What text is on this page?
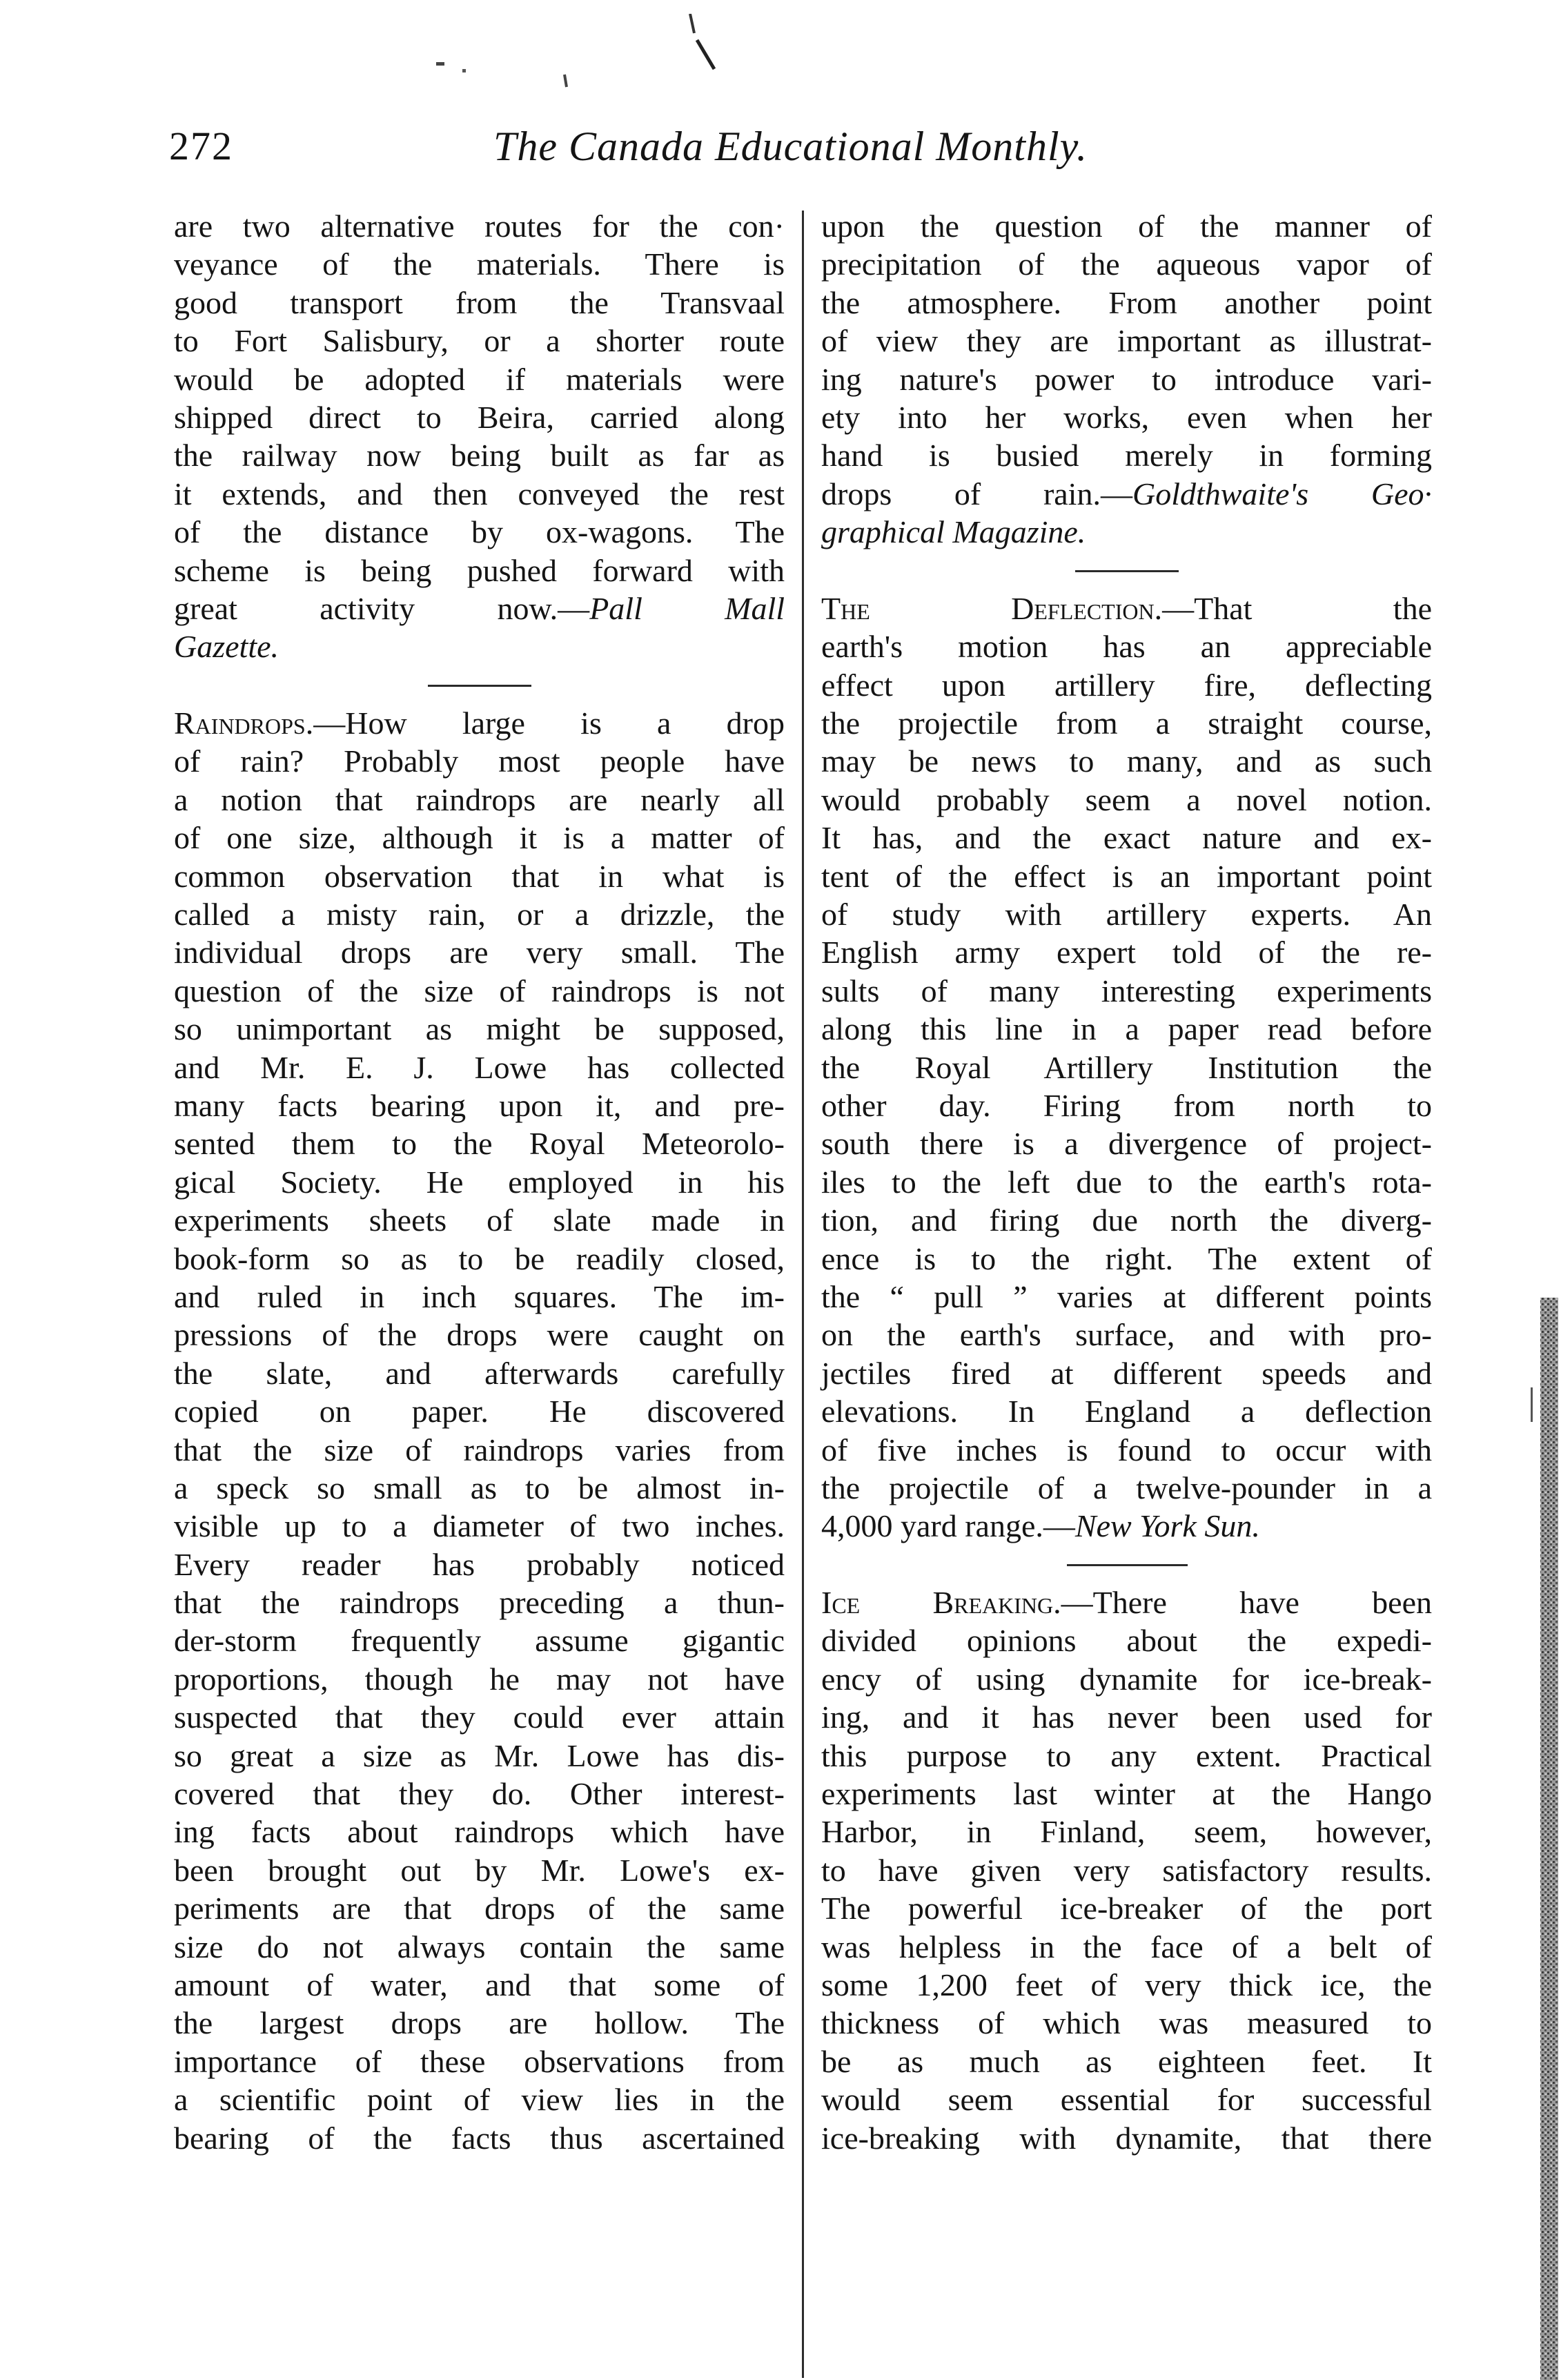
272	The Canada Educational Monthly.
are two alternative routes for the con·
veyance of the materials. There is
good transport from the Transvaal
to Fort Salisbury, or a shorter route
would be adopted if materials were
shipped direct to Beira, carried along
the railway now being built as far as
it extends, and then conveyed the rest
of the distance by ox-wagons. The
scheme is being pushed forward with
great activity now.—Pall Mall
Gazette.
Raindrops.—How large is a drop
of rain? Probably most people have
a notion that raindrops are nearly all
of one size, although it is a matter of
common observation that in what is
called a misty rain, or a drizzle, the
individual drops are very small. The
question of the size of raindrops is not
so unimportant as might be supposed,
and Mr. E. J. Lowe has collected
many facts bearing upon it, and pre-
sented them to the Royal Meteorolo-
gical Society. He employed in his
experiments sheets of slate made in
book-form so as to be readily closed,
and ruled in inch squares. The im-
pressions of the drops were caught on
the slate, and afterwards carefully
copied on paper. He discovered
that the size of raindrops varies from
a speck so small as to be almost in-
visible up to a diameter of two inches.
Every reader has probably noticed
that the raindrops preceding a thun-
der-storm frequently assume gigantic
proportions, though he may not have
suspected that they could ever attain
so great a size as Mr. Lowe has dis-
covered that they do. Other interest-
ing facts about raindrops which have
been brought out by Mr. Lowe's ex-
periments are that drops of the same
size do not always contain the same
amount of water, and that some of
the largest drops are hollow. The
importance of these observations from
a scientific point of view lies in the
bearing of the facts thus ascertained
upon the question of the manner of
precipitation of the aqueous vapor of
the atmosphere. From another point
of view they are important as illustrat-
ing nature's power to introduce vari-
ety into her works, even when her
hand is busied merely in forming
drops of rain.—Goldthwaite's Geo·
graphical Magazine.
The Deflection.—That the
earth's motion has an appreciable
effect upon artillery fire, deflecting
the projectile from a straight course,
may be news to many, and as such
would probably seem a novel notion.
It has, and the exact nature and ex-
tent of the effect is an important point
of study with artillery experts. An
English army expert told of the re-
sults of many interesting experiments
along this line in a paper read before
the Royal Artillery Institution the
other day. Firing from north to
south there is a divergence of project-
iles to the left due to the earth's rota-
tion, and firing due north the diverg-
ence is to the right. The extent of
the “ pull ” varies at different points
on the earth's surface, and with pro-
jectiles fired at different speeds and
elevations. In England a deflection
of five inches is found to occur with
the projectile of a twelve-pounder in a
4,000 yard range.—New York Sun.
Ice Breaking.—There have been
divided opinions about the expedi-
ency of using dynamite for ice-break-
ing, and it has never been used for
this purpose to any extent. Practical
experiments last winter at the Hango
Harbor, in Finland, seem, however,
to have given very satisfactory results.
The powerful ice-breaker of the port
was helpless in the face of a belt of
some 1,200 feet of very thick ice, the
thickness of which was measured to
be as much as eighteen feet. It
would seem essential for successful
ice-breaking with dynamite, that there
